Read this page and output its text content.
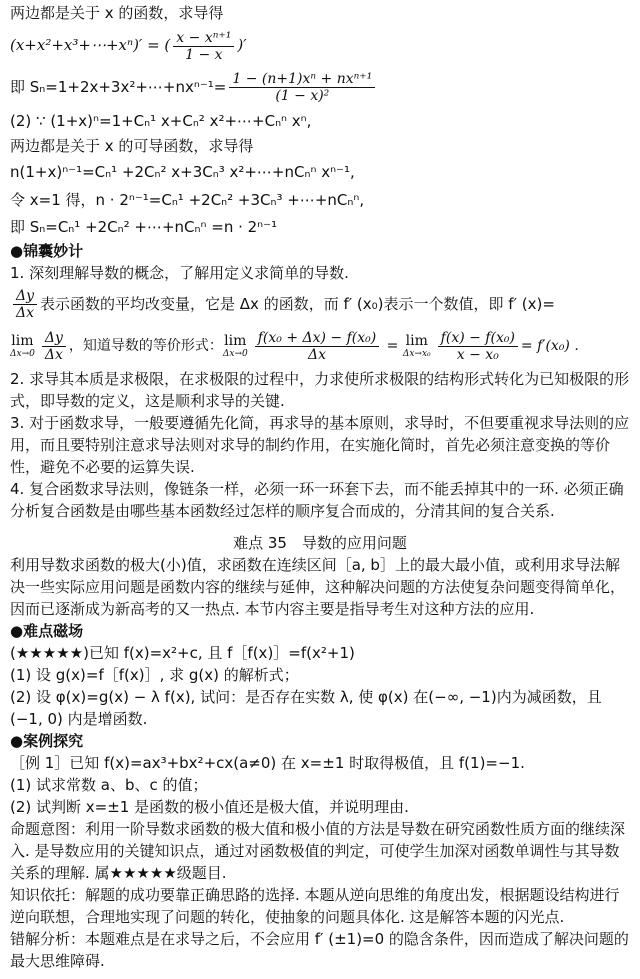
两边都是关于 x 的函数，求导得
(x+x²+x³+⋯+xⁿ)′ = ( $\frac{\text{x − xⁿ⁺¹}}{1 - x}$ )′
即 Sₙ=1+2x+3x²+⋯+nxⁿ⁻¹= $\frac{\text{1 − (n+1)xⁿ + nxⁿ⁺¹}}{\text{(1 − x)²}}$
(2) ∵ (1+x)ⁿ=1+Cₙ¹ x+Cₙ² x²+⋯+Cₙⁿ xⁿ,
两边都是关于 x 的可导函数，求导得
n(1+x)ⁿ⁻¹=Cₙ¹ +2Cₙ² x+3Cₙ³ x²+⋯+nCₙⁿ xⁿ⁻¹,
令 x=1 得，n · 2ⁿ⁻¹=Cₙ¹ +2Cₙ² +3Cₙ³ +⋯+nCₙⁿ,
即 Sₙ=Cₙ¹ +2Cₙ² +⋯+nCₙⁿ =n · 2ⁿ⁻¹
●锦囊妙计
1. 深刻理解导数的概念，了解用定义求简单的导数.
$\frac{\Delta y}{\Delta x}$ 表示函数的平均改变量，它是 Δx 的函数，而 f′ (x₀)表示一个数值，即 f′ (x)=
lim
$\Delta x\to 0 \frac{\Delta y}{\Delta x}$ ，知道导数的等价形式： lim
$\Delta x\to 0 \frac{\text{f(x₀ + Δx) − f(x₀)}}{\Delta x} = \lim$
$\Delta x\to x_0 \frac{\text{f(x) − f(x₀)}}{\text{x − x₀}} = f'(x_0)$ .
2. 求导其本质是求极限，在求极限的过程中，力求使所求极限的结构形式转化为已知极限的形式，即导数的定义，这是顺利求导的关键.
3. 对于函数求导，一般要遵循先化简，再求导的基本原则，求导时，不但要重视求导法则的应用，而且要特别注意求导法则对求导的制约作用，在实施化简时，首先必须注意变换的等价性，避免不必要的运算失误.
4. 复合函数求导法则，像链条一样，必须一环一环套下去，而不能丢掉其中的一环. 必须正确分析复合函数是由哪些基本函数经过怎样的顺序复合而成的，分清其间的复合关系.
难点 35　导数的应用问题
利用导数求函数的极大(小)值，求函数在连续区间［a, b］上的最大最小值，或利用求导法解决一些实际应用问题是函数内容的继续与延伸，这种解决问题的方法使复杂问题变得简单化，因而已逐渐成为新高考的又一热点. 本节内容主要是指导考生对这种方法的应用.
●难点磁场
(★★★★★)已知 f(x)=x²+c, 且 f［f(x)］=f(x²+1)
(1) 设 g(x)=f［f(x)］, 求 g(x) 的解析式；
(2) 设 φ(x)=g(x) − λ f(x), 试问：是否存在实数 λ, 使 φ(x) 在(−∞, −1)内为减函数，且
(−1, 0) 内是增函数.
●案例探究
［例 1］已知 f(x)=ax³+bx²+cx(a≠0) 在 x=±1 时取得极值，且 f(1)=−1.
(1) 试求常数 a、b、c 的值；
(2) 试判断 x=±1 是函数的极小值还是极大值，并说明理由.
命题意图：利用一阶导数求函数的极大值和极小值的方法是导数在研究函数性质方面的继续深入. 是导数应用的关键知识点，通过对函数极值的判定，可使学生加深对函数单调性与其导数关系的理解. 属★★★★★级题目.
知识依托：解题的成功要靠正确思路的选择. 本题从逆向思维的角度出发，根据题设结构进行逆向联想，合理地实现了问题的转化，使抽象的问题具体化. 这是解答本题的闪光点.
错解分析：本题难点是在求导之后，不会应用 f′ (±1)=0 的隐含条件，因而造成了解决问题的最大思维障碍.
